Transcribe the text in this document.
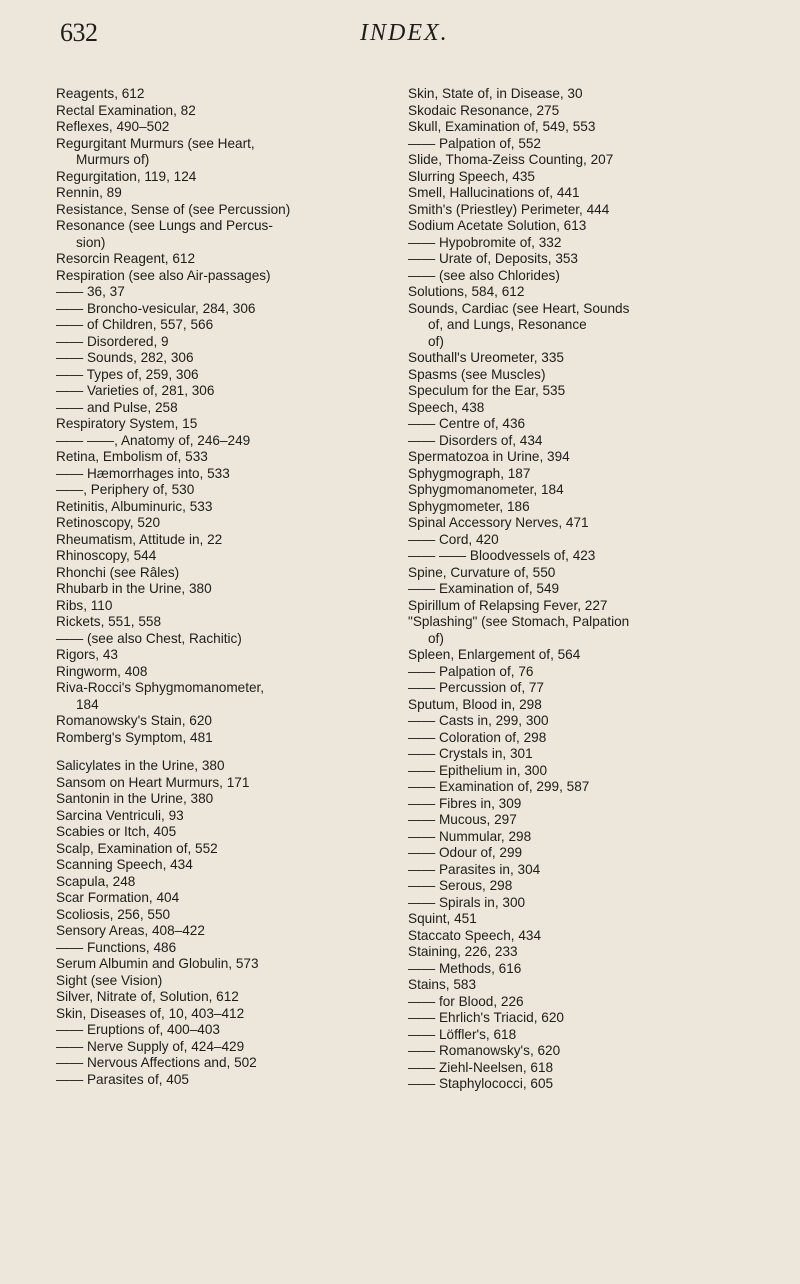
632	INDEX.
Reagents, 612
Rectal Examination, 82
Reflexes, 490–502
Regurgitant Murmurs (see Heart,
Murmurs of)
Regurgitation, 119, 124
Rennin, 89
Resistance, Sense of (see Percussion)
Resonance (see Lungs and Percus-
sion)
Resorcin Reagent, 612
Respiration (see also Air-passages)
—— 36, 37
—— Broncho-vesicular, 284, 306
—— of Children, 557, 566
—— Disordered, 9
—— Sounds, 282, 306
—— Types of, 259, 306
—— Varieties of, 281, 306
—— and Pulse, 258
Respiratory System, 15
—— ——, Anatomy of, 246–249
Retina, Embolism of, 533
—— Hæmorrhages into, 533
——, Periphery of, 530
Retinitis, Albuminuric, 533
Retinoscopy, 520
Rheumatism, Attitude in, 22
Rhinoscopy, 544
Rhonchi (see Râles)
Rhubarb in the Urine, 380
Ribs, 110
Rickets, 551, 558
—— (see also Chest, Rachitic)
Rigors, 43
Ringworm, 408
Riva-Rocci's Sphygmomanometer,
184
Romanowsky's Stain, 620
Romberg's Symptom, 481
Salicylates in the Urine, 380
Sansom on Heart Murmurs, 171
Santonin in the Urine, 380
Sarcina Ventriculi, 93
Scabies or Itch, 405
Scalp, Examination of, 552
Scanning Speech, 434
Scapula, 248
Scar Formation, 404
Scoliosis, 256, 550
Sensory Areas, 408–422
—— Functions, 486
Serum Albumin and Globulin, 573
Sight (see Vision)
Silver, Nitrate of, Solution, 612
Skin, Diseases of, 10, 403–412
—— Eruptions of, 400–403
—— Nerve Supply of, 424–429
—— Nervous Affections and, 502
—— Parasites of, 405
Skin, State of, in Disease, 30
Skodaic Resonance, 275
Skull, Examination of, 549, 553
—— Palpation of, 552
Slide, Thoma-Zeiss Counting, 207
Slurring Speech, 435
Smell, Hallucinations of, 441
Smith's (Priestley) Perimeter, 444
Sodium Acetate Solution, 613
—— Hypobromite of, 332
—— Urate of, Deposits, 353
—— (see also Chlorides)
Solutions, 584, 612
Sounds, Cardiac (see Heart, Sounds
of, and Lungs, Resonance
of)
Southall's Ureometer, 335
Spasms (see Muscles)
Speculum for the Ear, 535
Speech, 438
—— Centre of, 436
—— Disorders of, 434
Spermatozoa in Urine, 394
Sphygmograph, 187
Sphygmomanometer, 184
Sphygmometer, 186
Spinal Accessory Nerves, 471
—— Cord, 420
—— —— Bloodvessels of, 423
Spine, Curvature of, 550
—— Examination of, 549
Spirillum of Relapsing Fever, 227
"Splashing" (see Stomach, Palpation
of)
Spleen, Enlargement of, 564
—— Palpation of, 76
—— Percussion of, 77
Sputum, Blood in, 298
—— Casts in, 299, 300
—— Coloration of, 298
—— Crystals in, 301
—— Epithelium in, 300
—— Examination of, 299, 587
—— Fibres in, 309
—— Mucous, 297
—— Nummular, 298
—— Odour of, 299
—— Parasites in, 304
—— Serous, 298
—— Spirals in, 300
Squint, 451
Staccato Speech, 434
Staining, 226, 233
—— Methods, 616
Stains, 583
—— for Blood, 226
—— Ehrlich's Triacid, 620
—— Löffler's, 618
—— Romanowsky's, 620
—— Ziehl-Neelsen, 618
—— Staphylococci, 605
